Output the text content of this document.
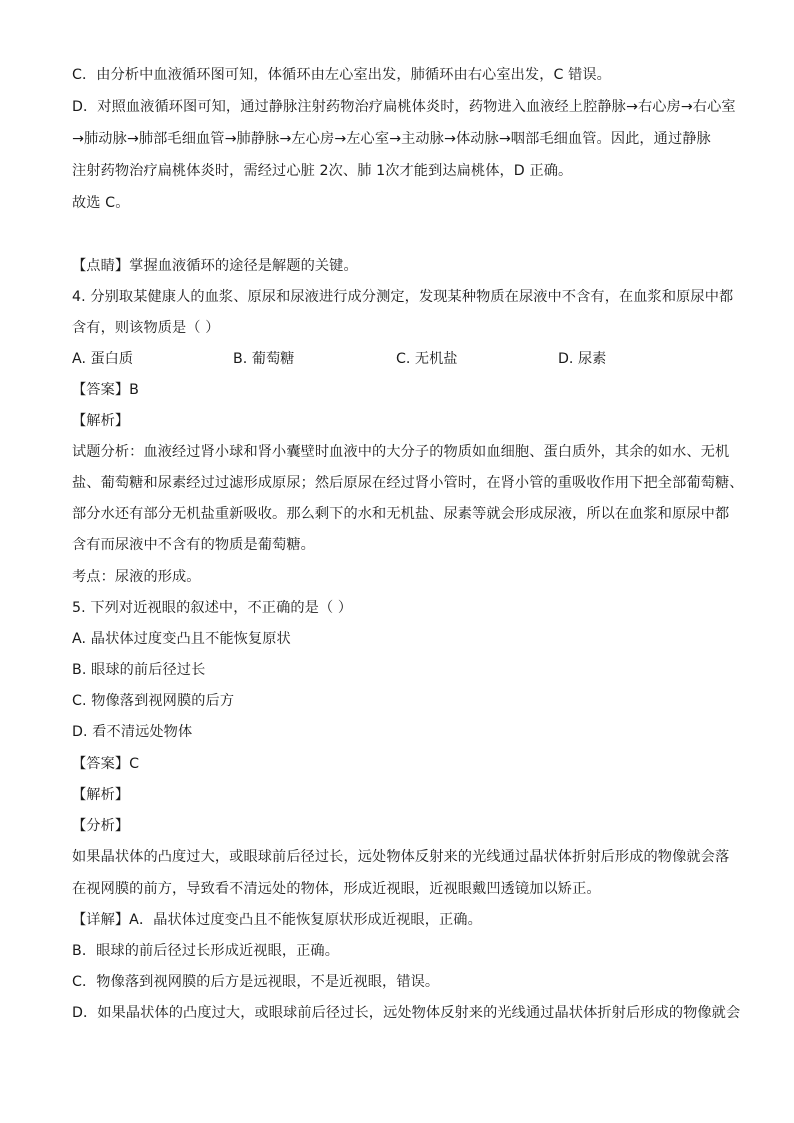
C．由分析中血液循环图可知，体循环由左心室出发，肺循环由右心室出发，C 错误。
D．对照血液循环图可知，通过静脉注射药物治疗扁桃体炎时，药物进入血液经上腔静脉→右心房→右心室
→肺动脉→肺部毛细血管→肺静脉→左心房→左心室→主动脉→体动脉→咽部毛细血管。因此，通过静脉
注射药物治疗扁桃体炎时，需经过心脏 2次、肺 1次才能到达扁桃体，D 正确。
故选 C。
【点睛】掌握血液循环的途径是解题的关键。
4. 分别取某健康人的血浆、原尿和尿液进行成分测定，发现某种物质在尿液中不含有，在血浆和原尿中都
含有，则该物质是（ ）
A. 蛋白质	B. 葡萄糖	C. 无机盐	D. 尿素
【答案】B
【解析】
试题分析：血液经过肾小球和肾小囊壁时血液中的大分子的物质如血细胞、蛋白质外，其余的如水、无机
盐、葡萄糖和尿素经过过滤形成原尿；然后原尿在经过肾小管时，在肾小管的重吸收作用下把全部葡萄糖、
部分水还有部分无机盐重新吸收。那么剩下的水和无机盐、尿素等就会形成尿液，所以在血浆和原尿中都
含有而尿液中不含有的物质是葡萄糖。
考点：尿液的形成。
5. 下列对近视眼的叙述中，不正确的是（ ）
A. 晶状体过度变凸且不能恢复原状
B. 眼球的前后径过长
C. 物像落到视网膜的后方
D. 看不清远处物体
【答案】C
【解析】
【分析】
如果晶状体的凸度过大，或眼球前后径过长，远处物体反射来的光线通过晶状体折射后形成的物像就会落
在视网膜的前方，导致看不清远处的物体，形成近视眼，近视眼戴凹透镜加以矫正。
【详解】A．晶状体过度变凸且不能恢复原状形成近视眼，正确。
B．眼球的前后径过长形成近视眼，正确。
C．物像落到视网膜的后方是远视眼，不是近视眼，错误。
D．如果晶状体的凸度过大，或眼球前后径过长，远处物体反射来的光线通过晶状体折射后形成的物像就会
